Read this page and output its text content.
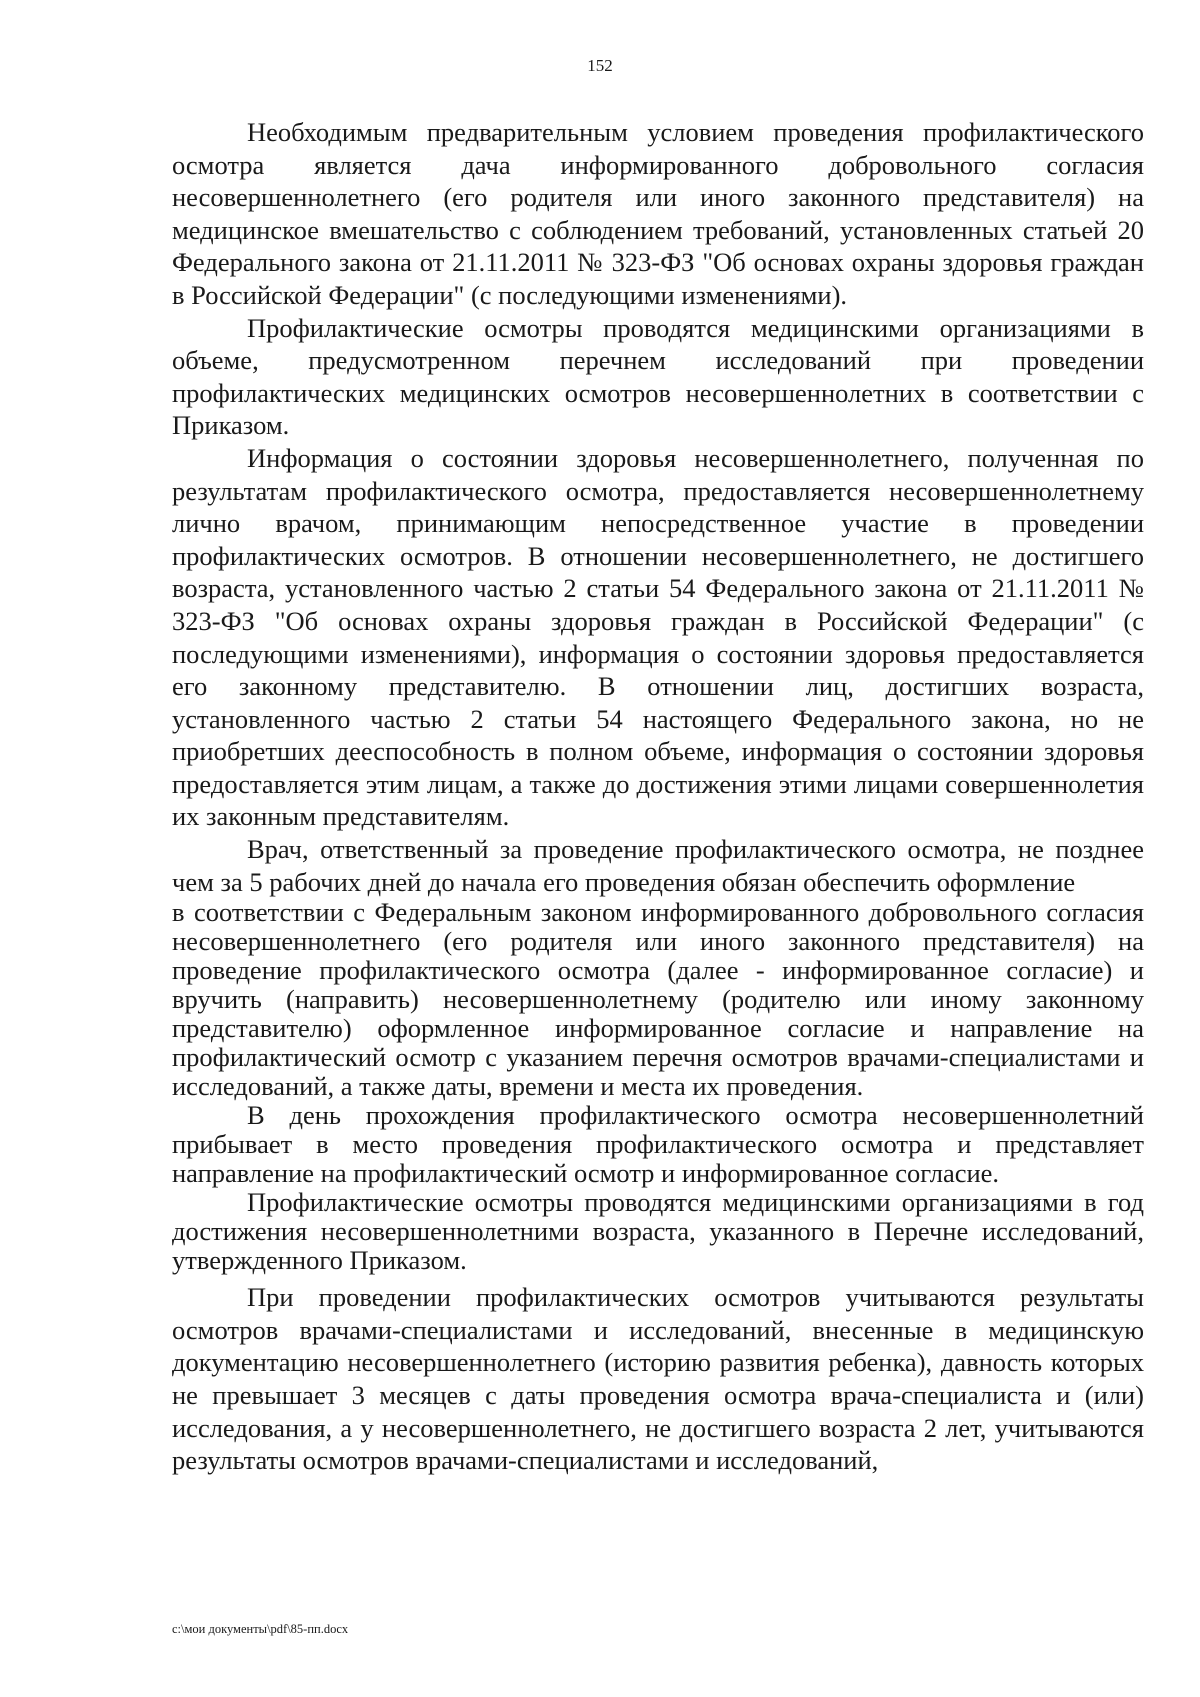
152

Необходимым предварительным условием проведения профилактического осмотра является дача информированного добровольного согласия несовершеннолетнего (его родителя или иного законного представителя) на медицинское вмешательство с соблюдением требований, установленных статьей 20 Федерального закона от 21.11.2011 № 323-ФЗ "Об основах охраны здоровья граждан в Российской Федерации" (с последующими изменениями).

Профилактические осмотры проводятся медицинскими организациями в объеме, предусмотренном перечнем исследований при проведении профилактических медицинских осмотров несовершеннолетних в соответствии с Приказом.

Информация о состоянии здоровья несовершеннолетнего, полученная по результатам профилактического осмотра, предоставляется несовершеннолетнему лично врачом, принимающим непосредственное участие в проведении профилактических осмотров. В отношении несовершеннолетнего, не достигшего возраста, установленного частью 2 статьи 54 Федерального закона от 21.11.2011 № 323-ФЗ "Об основах охраны здоровья граждан в Российской Федерации" (с последующими изменениями), информация о состоянии здоровья предоставляется его законному представителю. В отношении лиц, достигших возраста, установленного частью 2 статьи 54 настоящего Федерального закона, но не приобретших дееспособность в полном объеме, информация о состоянии здоровья предоставляется этим лицам, а также до достижения этими лицами совершеннолетия их законным представителям.

Врач, ответственный за проведение профилактического осмотра, не позднее чем за 5 рабочих дней до начала его проведения обязан обеспечить оформление

в соответствии с Федеральным законом информированного добровольного согласия несовершеннолетнего (его родителя или иного законного представителя) на проведение профилактического осмотра (далее - информированное согласие) и вручить (направить) несовершеннолетнему (родителю или иному законному представителю) оформленное информированное согласие и направление на профилактический осмотр с указанием перечня осмотров врачами-специалистами и исследований, а также даты, времени и места их проведения.

В день прохождения профилактического осмотра несовершеннолетний прибывает в место проведения профилактического осмотра и представляет направление на профилактический осмотр и информированное согласие.

Профилактические осмотры проводятся медицинскими организациями в год достижения несовершеннолетними возраста, указанного в Перечне исследований, утвержденного Приказом.

При проведении профилактических осмотров учитываются результаты осмотров врачами-специалистами и исследований, внесенные в медицинскую документацию несовершеннолетнего (историю развития ребенка), давность которых не превышает 3 месяцев с даты проведения осмотра врача-специалиста и (или) исследования, а у несовершеннолетнего, не достигшего возраста 2 лет, учитываются результаты осмотров врачами-специалистами и исследований,

c:\мои документы\pdf\85-пп.docx
